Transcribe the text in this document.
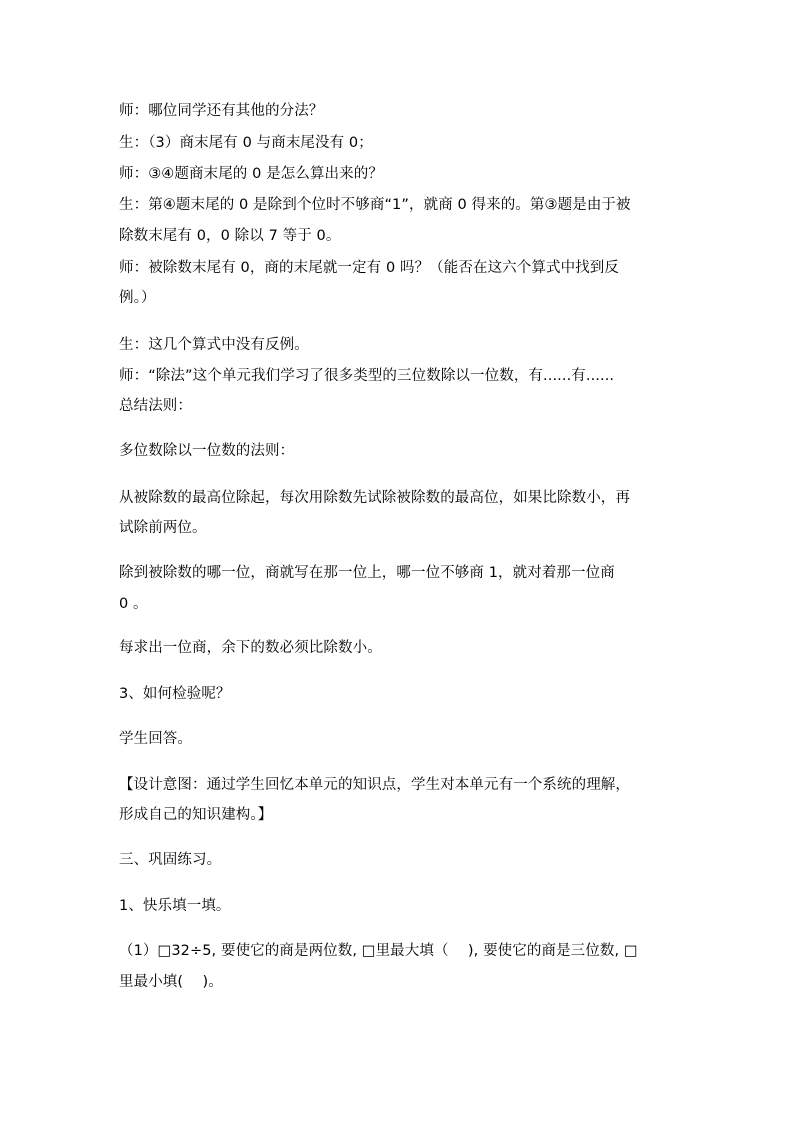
师：哪位同学还有其他的分法？
生：（3）商末尾有 0 与商末尾没有 0；
师：③④题商末尾的 0 是怎么算出来的？
生：第④题末尾的 0 是除到个位时不够商“1”，就商 0 得来的。第③题是由于被
除数末尾有 0，0 除以 7 等于 0。
师：被除数末尾有 0，商的末尾就一定有 0 吗？（能否在这六个算式中找到反
例。）
生：这几个算式中没有反例。
师：“除法”这个单元我们学习了很多类型的三位数除以一位数，有......有......
总结法则：
多位数除以一位数的法则：
从被除数的最高位除起，每次用除数先试除被除数的最高位，如果比除数小，再
试除前两位。
除到被除数的哪一位，商就写在那一位上，哪一位不够商 1，就对着那一位商
0 。
每求出一位商，余下的数必须比除数小。
3、如何检验呢？
学生回答。
【设计意图：通过学生回忆本单元的知识点，学生对本单元有一个系统的理解，
形成自己的知识建构。】
三、巩固练习。
1、快乐填一填。
（1）□32÷5, 要使它的商是两位数, □里最大填（　 ), 要使它的商是三位数, □
里最小填(　 )。
